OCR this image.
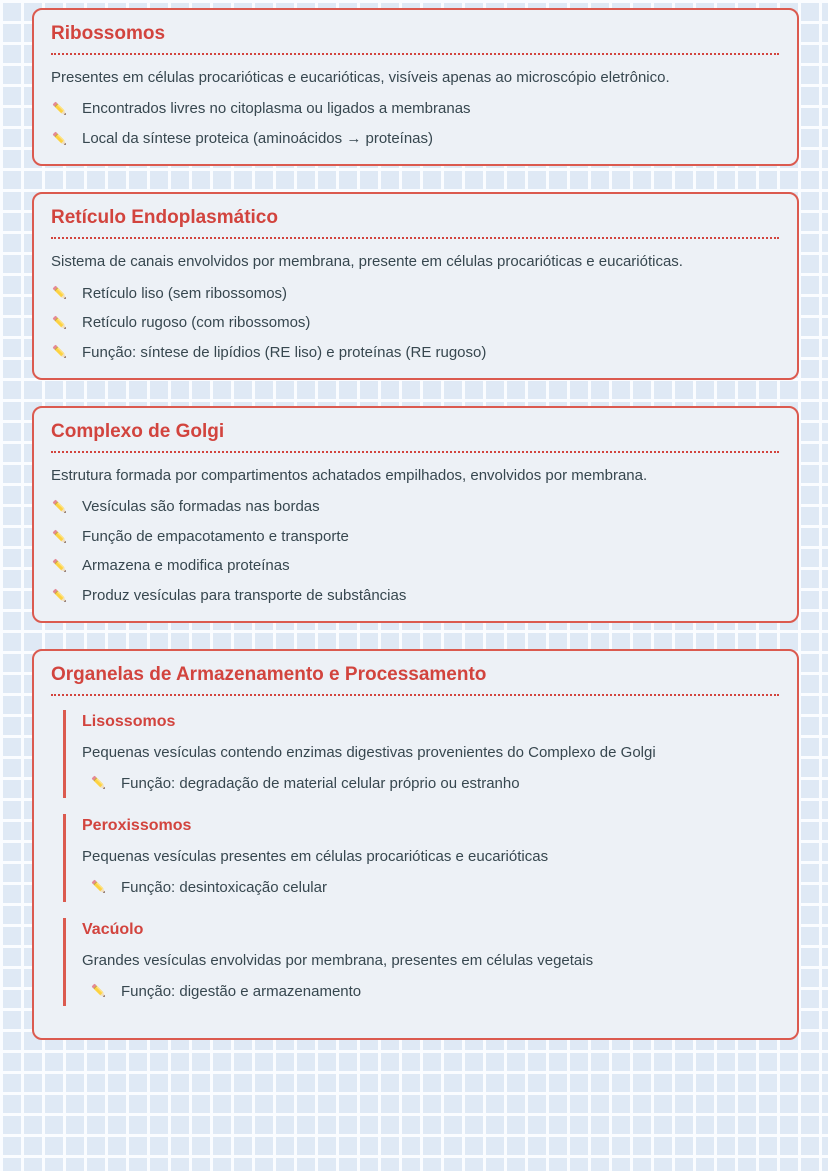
Ribossomos

Presentes em células procarióticas e eucarióticas, visíveis apenas ao microscópio eletrônico.

Encontrados livres no citoplasma ou ligados a membranas
Local da síntese proteica (aminoácidos → proteínas)
Retículo Endoplasmático

Sistema de canais envolvidos por membrana, presente em células procarióticas e eucarióticas.

Retículo liso (sem ribossomos)
Retículo rugoso (com ribossomos)
Função: síntese de lipídios (RE liso) e proteínas (RE rugoso)
Complexo de Golgi

Estrutura formada por compartimentos achatados empilhados, envolvidos por membrana.

Vesículas são formadas nas bordas
Função de empacotamento e transporte
Armazena e modifica proteínas
Produz vesículas para transporte de substâncias
Organelas de Armazenamento e Processamento
Lisossomos

Pequenas vesículas contendo enzimas digestivas provenientes do Complexo de Golgi

Função: degradação de material celular próprio ou estranho
Peroxissomos

Pequenas vesículas presentes em células procarióticas e eucarióticas

Função: desintoxicação celular
Vacúolo

Grandes vesículas envolvidas por membrana, presentes em células vegetais

Função: digestão e armazenamento
